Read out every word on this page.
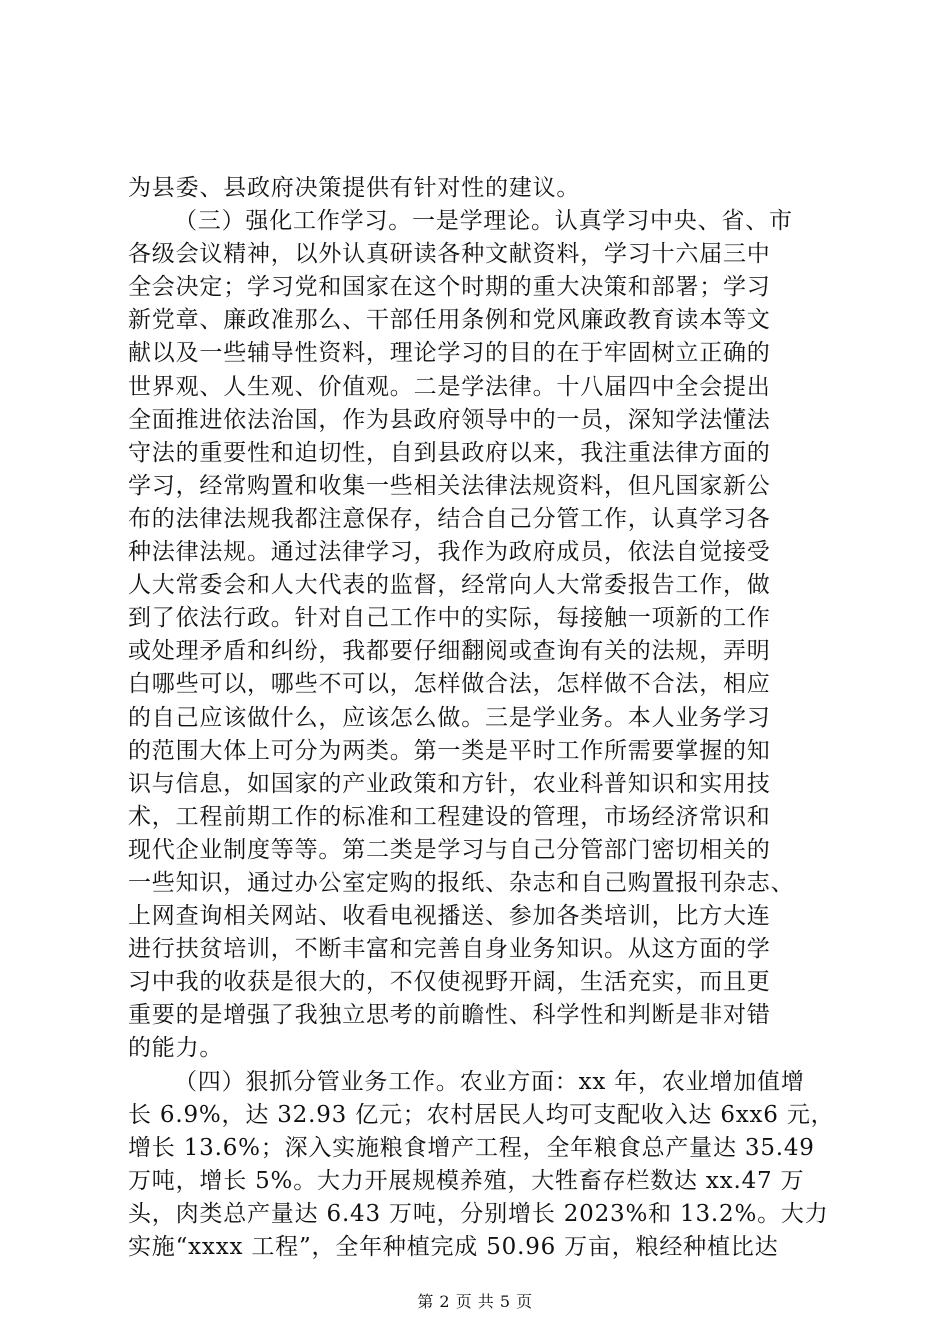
为县委、县政府决策提供有针对性的建议。
（三）强化工作学习。一是学理论。认真学习中央、省、市
各级会议精神，以外认真研读各种文献资料，学习十六届三中
全会决定；学习党和国家在这个时期的重大决策和部署；学习
新党章、廉政准那么、干部任用条例和党风廉政教育读本等文
献以及一些辅导性资料，理论学习的目的在于牢固树立正确的
世界观、人生观、价值观。二是学法律。十八届四中全会提出
全面推进依法治国，作为县政府领导中的一员，深知学法懂法
守法的重要性和迫切性，自到县政府以来，我注重法律方面的
学习，经常购置和收集一些相关法律法规资料，但凡国家新公
布的法律法规我都注意保存，结合自己分管工作，认真学习各
种法律法规。通过法律学习，我作为政府成员，依法自觉接受
人大常委会和人大代表的监督，经常向人大常委报告工作，做
到了依法行政。针对自己工作中的实际，每接触一项新的工作
或处理矛盾和纠纷，我都要仔细翻阅或查询有关的法规，弄明
白哪些可以，哪些不可以，怎样做合法，怎样做不合法，相应
的自己应该做什么，应该怎么做。三是学业务。本人业务学习
的范围大体上可分为两类。第一类是平时工作所需要掌握的知
识与信息，如国家的产业政策和方针，农业科普知识和实用技
术，工程前期工作的标准和工程建设的管理，市场经济常识和
现代企业制度等等。第二类是学习与自己分管部门密切相关的
一些知识，通过办公室定购的报纸、杂志和自己购置报刊杂志、
上网查询相关网站、收看电视播送、参加各类培训，比方大连
进行扶贫培训，不断丰富和完善自身业务知识。从这方面的学
习中我的收获是很大的，不仅使视野开阔，生活充实，而且更
重要的是增强了我独立思考的前瞻性、科学性和判断是非对错
的能力。
（四）狠抓分管业务工作。农业方面：xx 年，农业增加值增
长 6.9%，达 32.93 亿元；农村居民人均可支配收入达 6xx6 元，
增长 13.6%；深入实施粮食增产工程，全年粮食总产量达 35.49
万吨，增长 5%。大力开展规模养殖，大牲畜存栏数达 xx.47 万
头，肉类总产量达 6.43 万吨，分别增长 2023%和 13.2%。大力
实施“xxxx 工程”，全年种植完成 50.96 万亩，粮经种植比达
第 2 页 共 5 页
